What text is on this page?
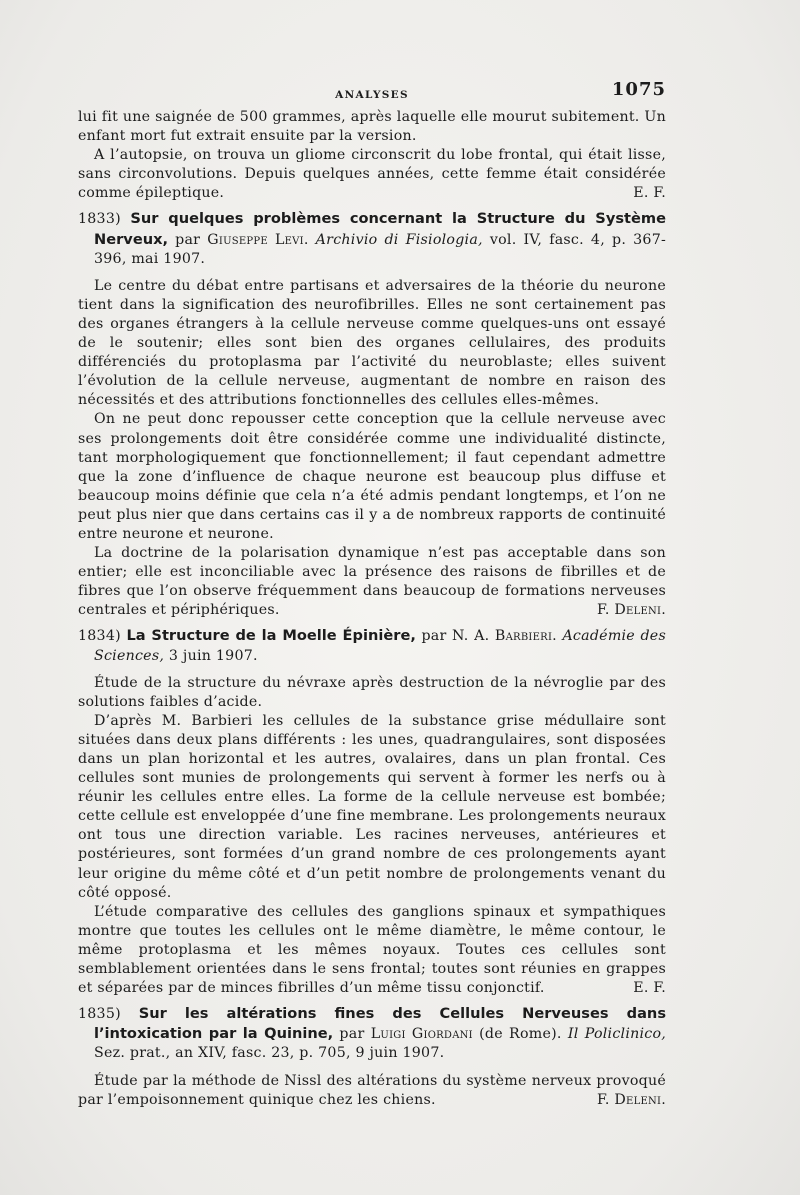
ANALYSES	1075

lui fit une saignée de 500 grammes, après laquelle elle mourut subitement. Un enfant mort fut extrait ensuite par la version.

A l’autopsie, on trouva un gliome circonscrit du lobe frontal, qui était lisse, sans circonvolutions. Depuis quelques années, cette femme était considérée comme épileptique.	E. F.

1833) Sur quelques problèmes concernant la Structure du Système Nerveux, par Giuseppe Levi. Archivio di Fisiologia, vol. IV, fasc. 4, p. 367-396, mai 1907.

Le centre du débat entre partisans et adversaires de la théorie du neurone tient dans la signification des neurofibrilles. Elles ne sont certainement pas des organes étrangers à la cellule nerveuse comme quelques-uns ont essayé de le soutenir; elles sont bien des organes cellulaires, des produits différenciés du protoplasma par l’activité du neuroblaste; elles suivent l’évolution de la cellule nerveuse, augmentant de nombre en raison des nécessités et des attributions fonctionnelles des cellules elles-mêmes.

On ne peut donc repousser cette conception que la cellule nerveuse avec ses prolongements doit être considérée comme une individualité distincte, tant morphologiquement que fonctionnellement; il faut cependant admettre que la zone d’influence de chaque neurone est beaucoup plus diffuse et beaucoup moins définie que cela n’a été admis pendant longtemps, et l’on ne peut plus nier que dans certains cas il y a de nombreux rapports de continuité entre neurone et neurone.

La doctrine de la polarisation dynamique n’est pas acceptable dans son entier; elle est inconciliable avec la présence des raisons de fibrilles et de fibres que l’on observe fréquemment dans beaucoup de formations nerveuses centrales et périphériques.	F. Deleni.

1834) La Structure de la Moelle Épinière, par N. A. Barbieri. Académie des Sciences, 3 juin 1907.

Étude de la structure du névraxe après destruction de la névroglie par des solutions faibles d’acide.

D’après M. Barbieri les cellules de la substance grise médullaire sont situées dans deux plans différents : les unes, quadrangulaires, sont disposées dans un plan horizontal et les autres, ovalaires, dans un plan frontal. Ces cellules sont munies de prolongements qui servent à former les nerfs ou à réunir les cellules entre elles. La forme de la cellule nerveuse est bombée; cette cellule est enveloppée d’une fine membrane. Les prolongements neuraux ont tous une direction variable. Les racines nerveuses, antérieures et postérieures, sont formées d’un grand nombre de ces prolongements ayant leur origine du même côté et d’un petit nombre de prolongements venant du côté opposé.

L’étude comparative des cellules des ganglions spinaux et sympathiques montre que toutes les cellules ont le même diamètre, le même contour, le même protoplasma et les mêmes noyaux. Toutes ces cellules sont semblablement orientées dans le sens frontal; toutes sont réunies en grappes et séparées par de minces fibrilles d’un même tissu conjonctif.	E. F.

1835) Sur les altérations fines des Cellules Nerveuses dans l’intoxication par la Quinine, par Luigi Giordani (de Rome). Il Policlinico, Sez. prat., an XIV, fasc. 23, p. 705, 9 juin 1907.

Étude par la méthode de Nissl des altérations du système nerveux provoqué par l’empoisonnement quinique chez les chiens.	F. Deleni.
